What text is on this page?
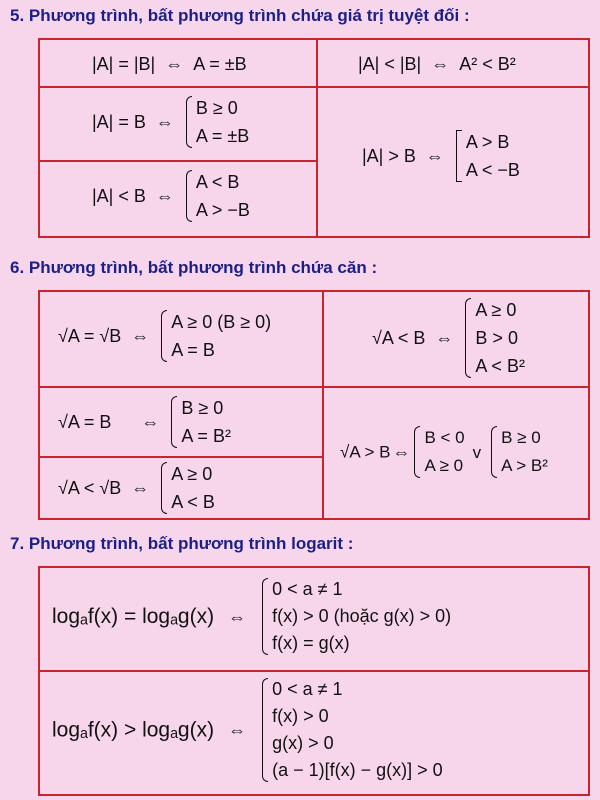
5. Phương trình, bất phương trình chứa giá trị tuyệt đối :
|A| = |B| ⇔ A = ±B	|A| < |B| ⇔ A² < B²
|A| = B ⇔
B ≥ 0
A = ±B
|A| < B ⇔
A < B
A > −B
|A| > B ⇔
A > B
A < −B
6. Phương trình, bất phương trình chứa căn :
√A = √B ⇔
A ≥ 0 (B ≥ 0)
A = B
√A < B ⇔
A ≥ 0
B > 0
A < B²
√A = B ⇔
B ≥ 0
A = B²
√A < √B ⇔
A ≥ 0
A < B
√A > B ⇔
B < 0
A ≥ 0
v
B ≥ 0
A > B²
7. Phương trình, bất phương trình logarit :
logₐf(x) = logₐg(x) ⇔
0 < a ≠ 1
f(x) > 0 (hoặc g(x) > 0)
f(x) = g(x)
logₐf(x) > logₐg(x) ⇔
0 < a ≠ 1
f(x) > 0
g(x) > 0
(a − 1)[f(x) − g(x)] > 0
